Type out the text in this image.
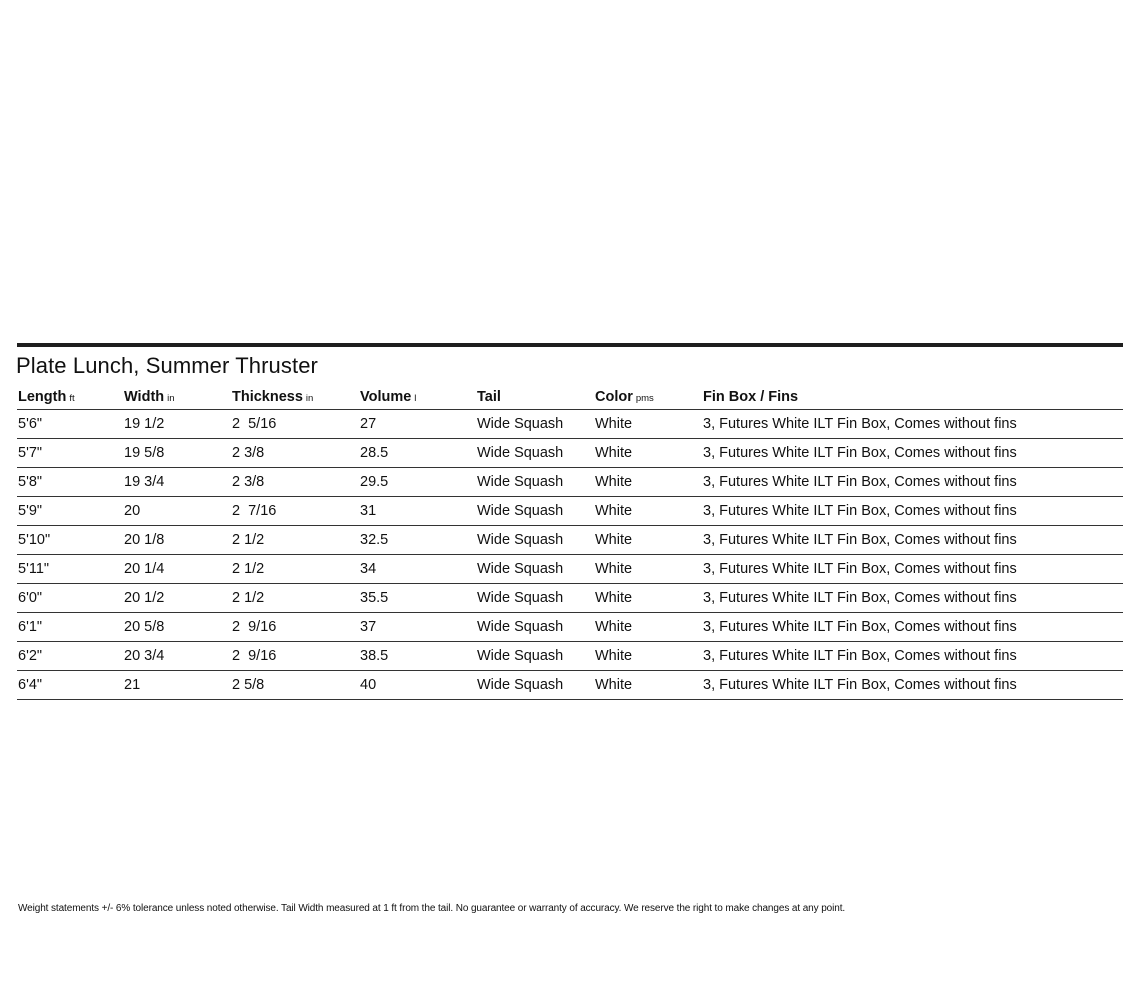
Plate Lunch, Summer Thruster
Length ft	Width in	Thickness in	Volume l	Tail	Color pms	Fin Box / Fins
5'6"	19 1/2	2  5/16	27	Wide Squash	White	3, Futures White ILT Fin Box, Comes without fins
5'7"	19 5/8	2 3/8	28.5	Wide Squash	White	3, Futures White ILT Fin Box, Comes without fins
5'8"	19 3/4	2 3/8	29.5	Wide Squash	White	3, Futures White ILT Fin Box, Comes without fins
5'9"	20	2  7/16	31	Wide Squash	White	3, Futures White ILT Fin Box, Comes without fins
5'10"	20 1/8	2 1/2	32.5	Wide Squash	White	3, Futures White ILT Fin Box, Comes without fins
5'11"	20 1/4	2 1/2	34	Wide Squash	White	3, Futures White ILT Fin Box, Comes without fins
6'0"	20 1/2	2 1/2	35.5	Wide Squash	White	3, Futures White ILT Fin Box, Comes without fins
6'1"	20 5/8	2  9/16	37	Wide Squash	White	3, Futures White ILT Fin Box, Comes without fins
6'2"	20 3/4	2  9/16	38.5	Wide Squash	White	3, Futures White ILT Fin Box, Comes without fins
6'4"	21	2 5/8	40	Wide Squash	White	3, Futures White ILT Fin Box, Comes without fins
Weight statements +/- 6% tolerance unless noted otherwise. Tail Width measured at 1 ft from the tail. No guarantee or warranty of accuracy. We reserve the right to make changes at any point.
